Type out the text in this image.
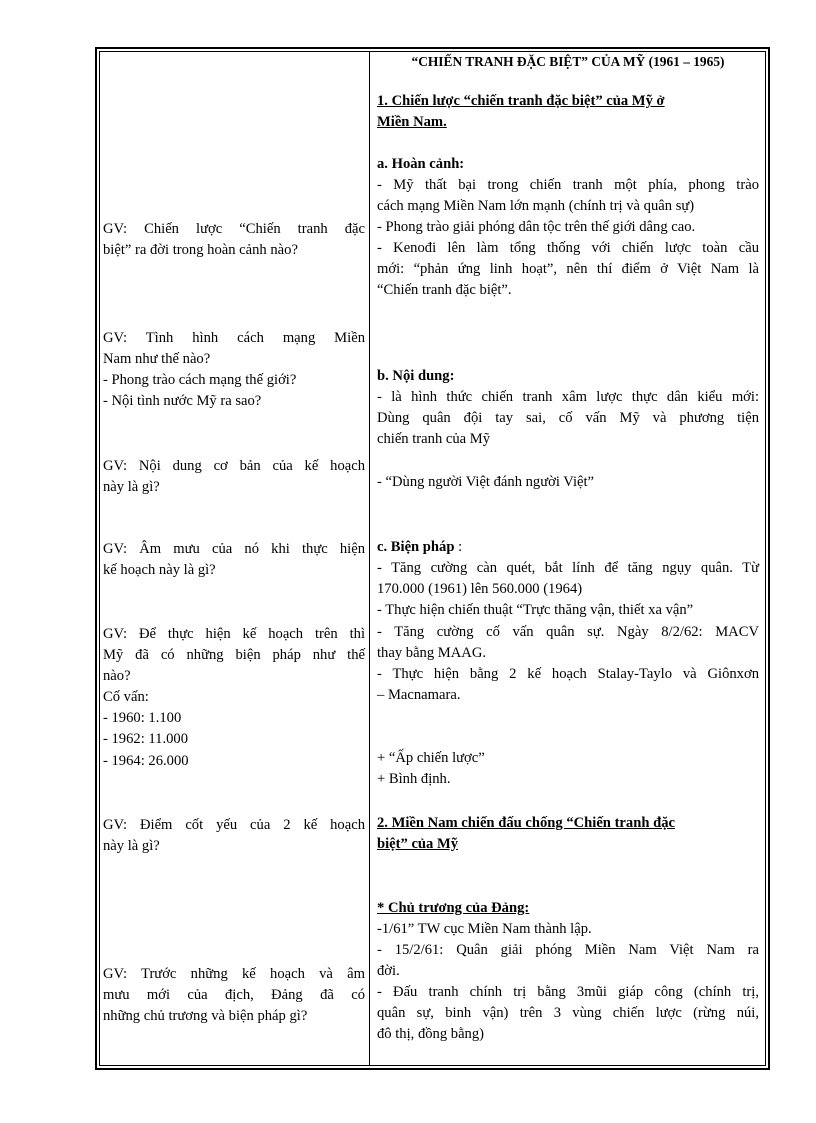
“CHIẾN TRANH ĐẶC BIỆT” CỦA MỸ (1961 – 1965)
GV: Chiến lược “Chiến tranh đặc
biệt” ra đời trong hoàn cảnh nào?
GV: Tình hình cách mạng Miền
Nam như thế nào?
- Phong trào cách mạng thế giới?
- Nội tình nước Mỹ ra sao?
GV: Nội dung cơ bản của kế hoạch
này là gì?
GV: Âm mưu của nó khi thực hiện
kế hoạch này là gì?
GV: Để thực hiện kế hoạch trên thì
Mỹ đã có những biện pháp như thế
nào?
Cố vấn:
- 1960: 1.100
- 1962: 11.000
- 1964: 26.000
GV: Điểm cốt yếu của 2 kế hoạch
này là gì?
GV: Trước những kế hoạch và âm
mưu mới của địch, Đảng đã có
những chủ trương và biện pháp gì?
1. Chiến lược “chiến tranh đặc biệt” của Mỹ ở
Miền Nam.
a. Hoàn cảnh:
- Mỹ thất bại trong chiến tranh một phía, phong trào
cách mạng Miền Nam lớn mạnh (chính trị và quân sự)
- Phong trào giải phóng dân tộc trên thế giới dâng cao.
- Kenođi lên làm tổng thống với chiến lược toàn cầu
mới: “phản ứng linh hoạt”, nên thí điểm ở Việt Nam là
“Chiến tranh đặc biệt”.
b. Nội dung:
- là hình thức chiến tranh xâm lược thực dân kiểu mới:
Dùng quân đội tay sai, cố vấn Mỹ và phương tiện
chiến tranh của Mỹ
- “Dùng người Việt đánh người Việt”
c. Biện pháp :
- Tăng cường càn quét, bắt lính để tăng ngụy quân. Từ
170.000 (1961) lên 560.000 (1964)
- Thực hiện chiến thuật “Trực thăng vận, thiết xa vận”
- Tăng cường cố vấn quân sự. Ngày 8/2/62: MACV
thay bằng MAAG.
- Thực hiện bằng 2 kế hoạch Stalay-Taylo và Giônxơn
– Macnamara.
+ “Ấp chiến lược”
+ Bình định.
2. Miền Nam chiến đấu chống “Chiến tranh đặc
biệt” của Mỹ
* Chủ trương của Đảng:
-1/61” TW cục Miền Nam thành lập.
- 15/2/61: Quân giải phóng Miền Nam Việt Nam ra
đời.
- Đấu tranh chính trị bằng 3mũi giáp công (chính trị,
quân sự, binh vận) trên 3 vùng chiến lược (rừng núi,
đô thị, đồng bằng)
